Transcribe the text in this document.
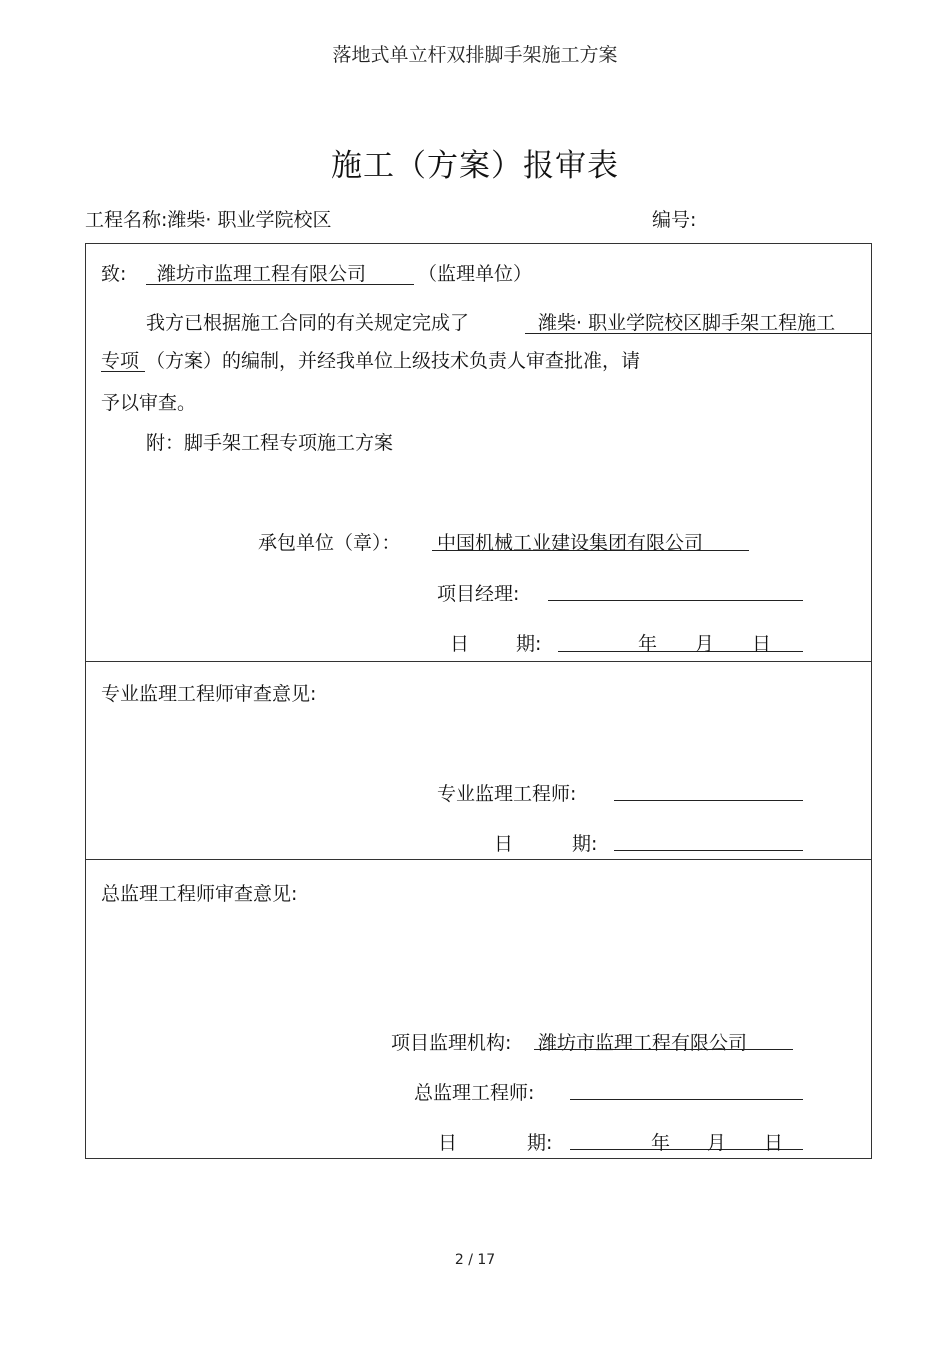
落地式单立杆双排脚手架施工方案
施工（方案）报审表
工程名称:潍柴· 职业学院校区	编号:
致: 潍坊市监理工程有限公司	（监理单位）
我方已根据施工合同的有关规定完成了	潍柴· 职业学院校区脚手架工程施工
专项 （方案）的编制，并经我单位上级技术负责人审查批准，请
予以审查。
附：脚手架工程专项施工方案
承包单位（章）： 中国机械工业建设集团有限公司
项目经理:
日 期:	年 月 日
专业监理工程师审查意见:
专业监理工程师:
日	期:
总监理工程师审查意见:
项目监理机构: 潍坊市监理工程有限公司
总监理工程师:
日	期:	年 月 日
2 / 17
